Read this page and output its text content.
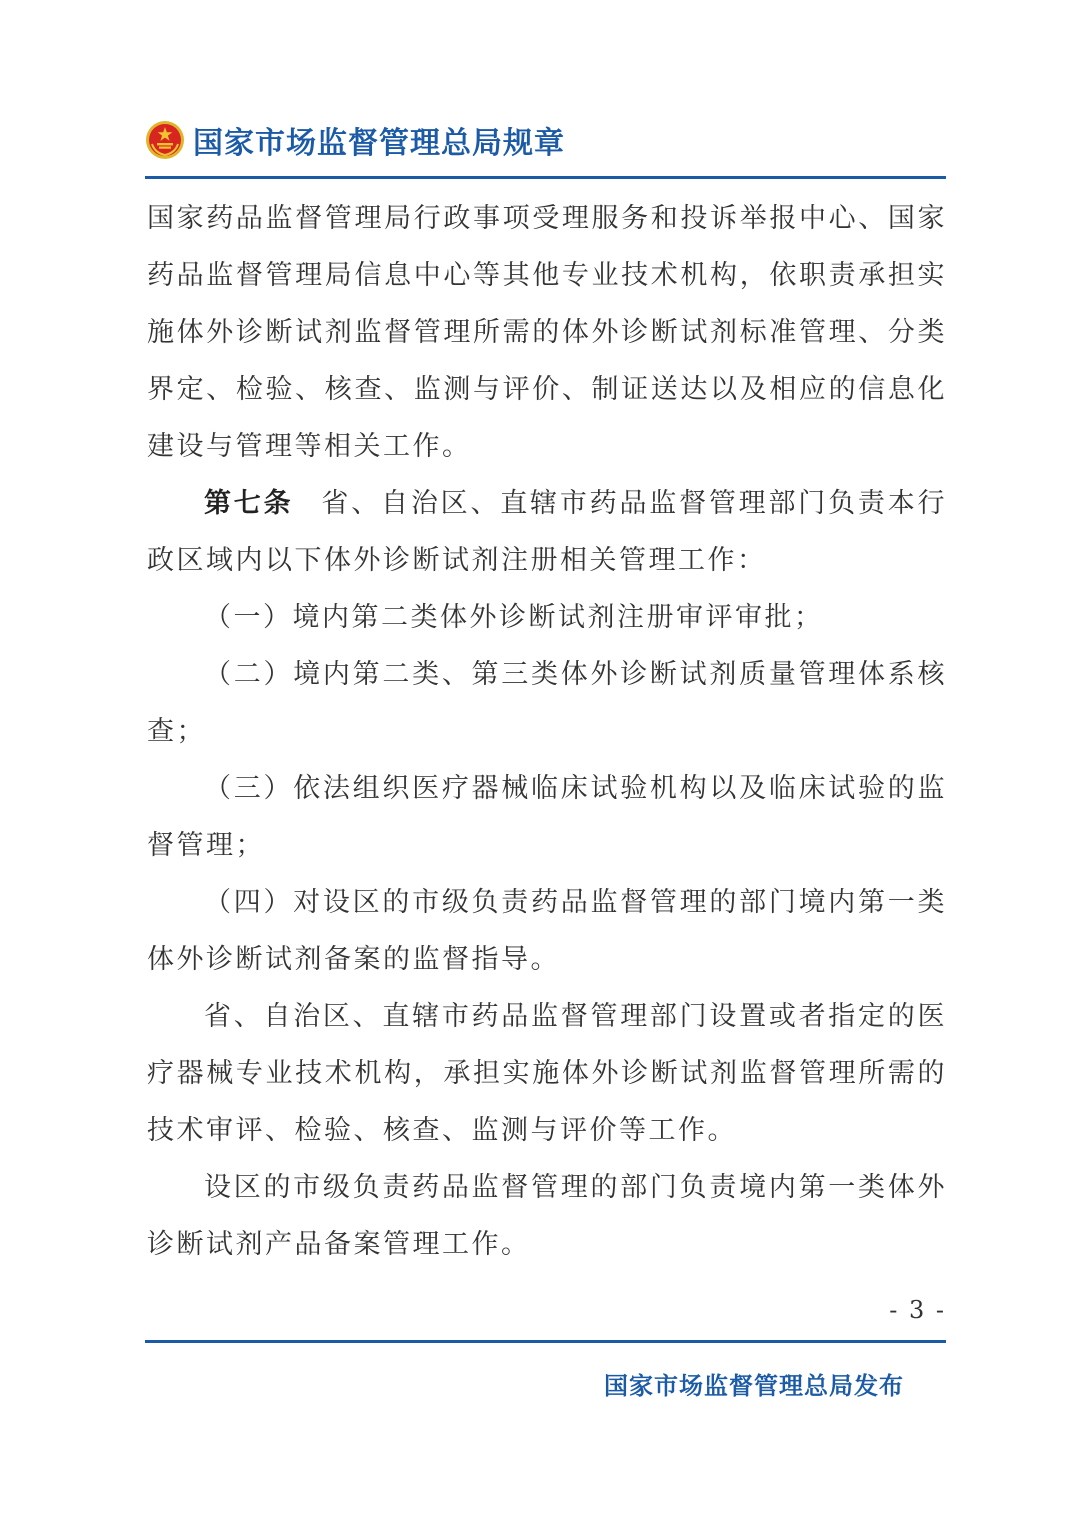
国家市场监督管理总局规章

国家药品监督管理局行政事项受理服务和投诉举报中心、国家药品监督管理局信息中心等其他专业技术机构，依职责承担实施体外诊断试剂监督管理所需的体外诊断试剂标准管理、分类界定、检验、核查、监测与评价、制证送达以及相应的信息化建设与管理等相关工作。

第七条 省、自治区、直辖市药品监督管理部门负责本行政区域内以下体外诊断试剂注册相关管理工作：

（一）境内第二类体外诊断试剂注册审评审批；

（二）境内第二类、第三类体外诊断试剂质量管理体系核查；

（三）依法组织医疗器械临床试验机构以及临床试验的监督管理；

（四）对设区的市级负责药品监督管理的部门境内第一类体外诊断试剂备案的监督指导。

省、自治区、直辖市药品监督管理部门设置或者指定的医疗器械专业技术机构，承担实施体外诊断试剂监督管理所需的技术审评、检验、核查、监测与评价等工作。

设区的市级负责药品监督管理的部门负责境内第一类体外诊断试剂产品备案管理工作。

- 3 -
国家市场监督管理总局发布
